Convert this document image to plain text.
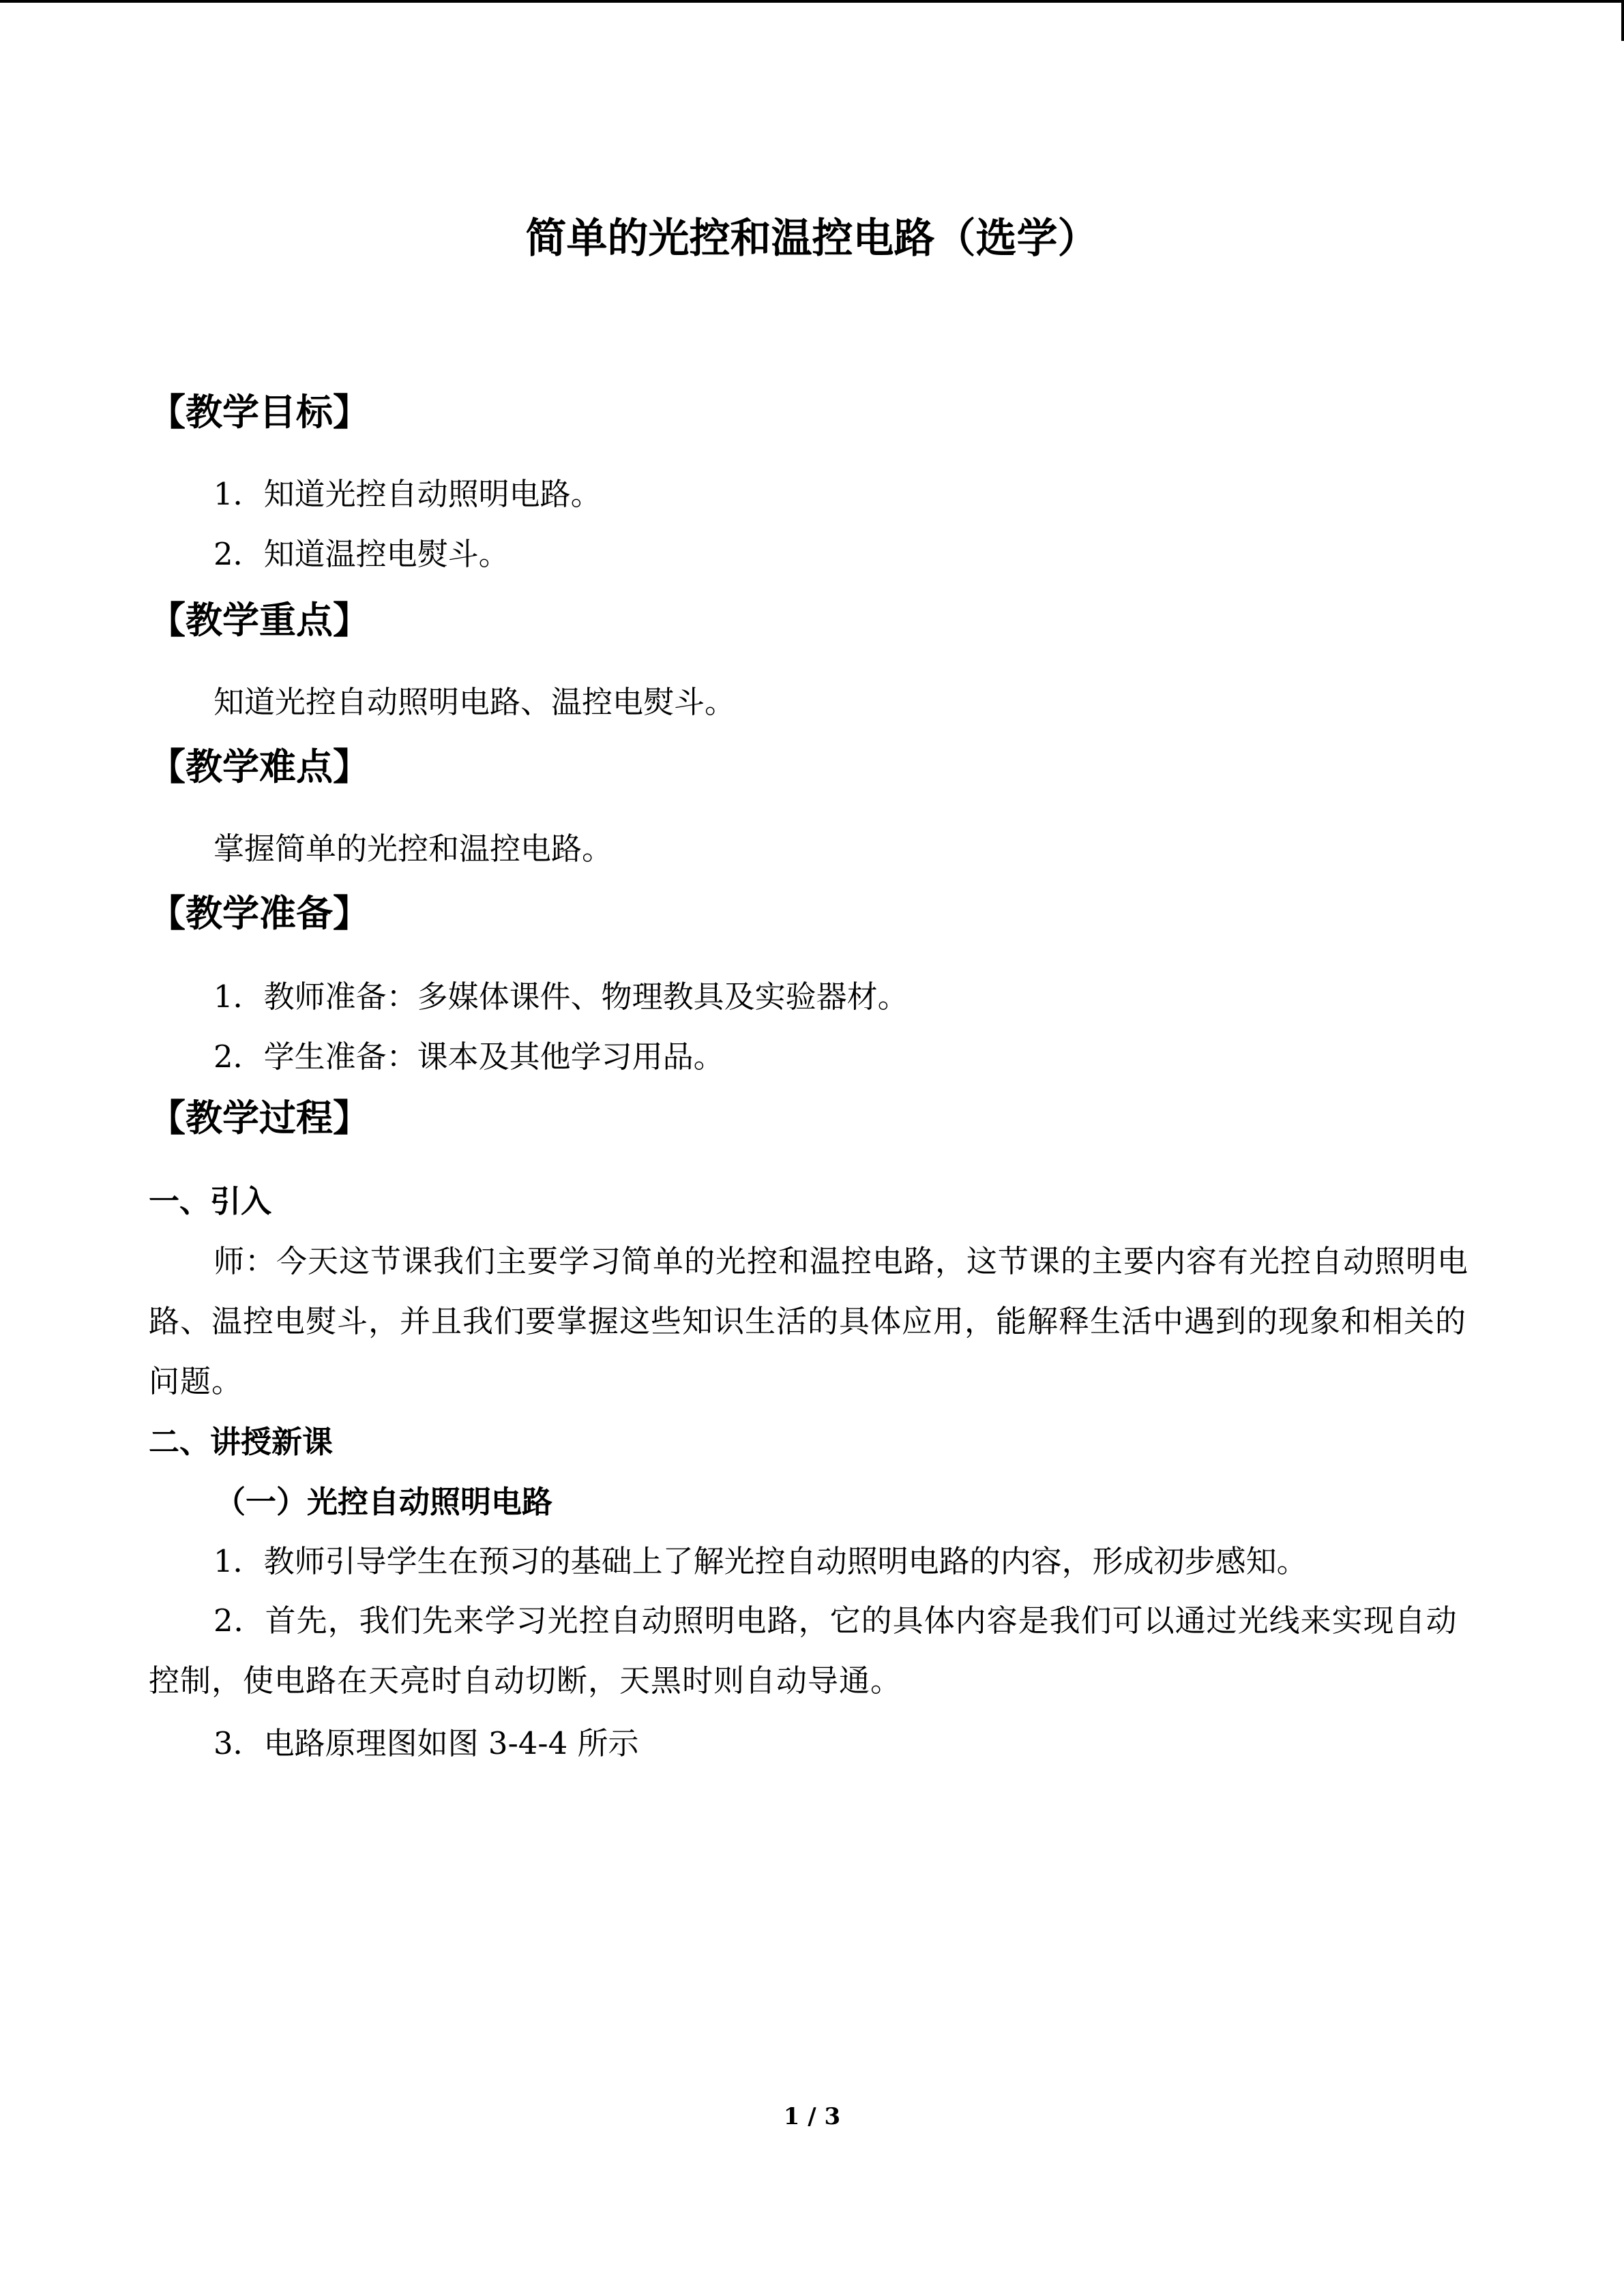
简单的光控和温控电路（选学）
【教学目标】
1．知道光控自动照明电路。
2．知道温控电熨斗。
【教学重点】
知道光控自动照明电路、温控电熨斗。
【教学难点】
掌握简单的光控和温控电路。
【教学准备】
1．教师准备：多媒体课件、物理教具及实验器材。
2．学生准备：课本及其他学习用品。
【教学过程】
一、引入
师：今天这节课我们主要学习简单的光控和温控电路，这节课的主要内容有光控自动照明电路、温控电熨斗，并且我们要掌握这些知识生活的具体应用，能解释生活中遇到的现象和相关的问题。
二、讲授新课
（一）光控自动照明电路
1．教师引导学生在预习的基础上了解光控自动照明电路的内容，形成初步感知。
2．首先，我们先来学习光控自动照明电路，它的具体内容是我们可以通过光线来实现自动控制，使电路在天亮时自动切断，天黑时则自动导通。
3．电路原理图如图 3-4-4 所示
1 / 3
